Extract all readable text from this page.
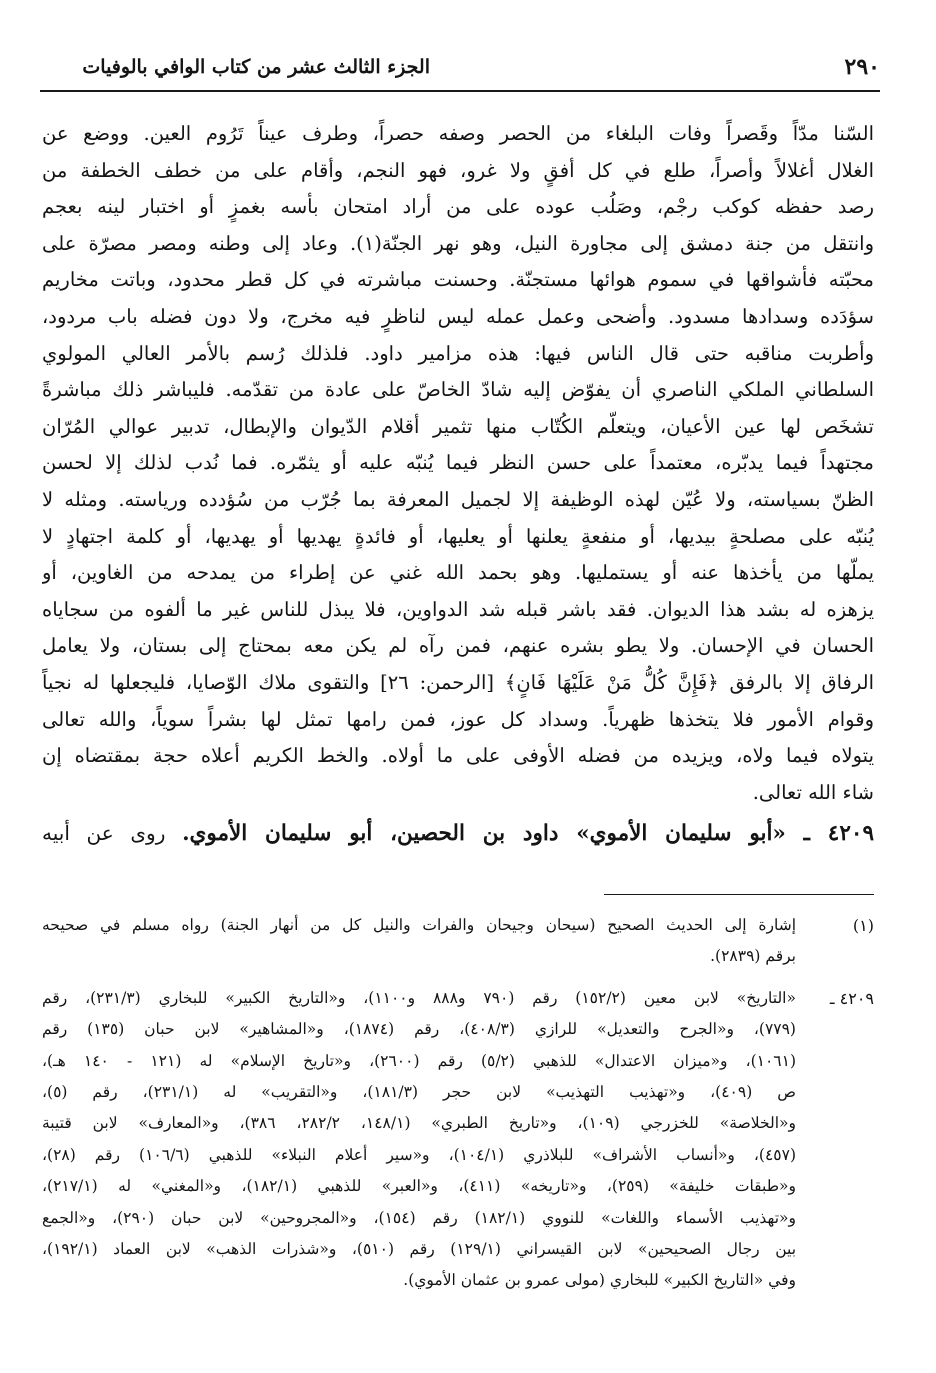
٢٩٠
الجزء الثالث عشر من كتاب الوافي بالوفيات
السّنا مدّاً وقَصراً وفات البلغاء من الحصر وصفه حصراً، وطرف عيناً تَرُوم العين. ووضع عن
الغلال أغلالاً وأصراً، طلع في كل أفقٍ ولا غرو، فهو النجم، وأقام على من خطف الخطفة من
رصد حفظه كوكب رجْم، وصَلُب عوده على من أراد امتحان بأسه بغمزٍ أو اختبار لينه بعجم
وانتقل من جنة دمشق إلى مجاورة النيل، وهو نهر الجنّة(١). وعاد إلى وطنه ومصر مصرّة على
محبّته فأشواقها في سموم هوائها مستجنّة. وحسنت مباشرته في كل قطر محدود، وباتت مخاريم
سؤدَده وسدادها مسدود. وأضحى وعمل عمله ليس لناظرٍ فيه مخرج، ولا دون فضله باب مردود،
وأطربت مناقبه حتى قال الناس فيها: هذه مزامير داود. فلذلك رُسم بالأمر العالي المولوي
السلطاني الملكي الناصري أن يفوّض إليه شادّ الخاصّ على عادة من تقدّمه. فليباشر ذلك مباشرةً
تشخَص لها عين الأعيان، ويتعلّم الكُتّاب منها تثمير أقلام الدّيوان والإبطال، تدبير عوالي المُرّان
مجتهداً فيما يدبّره، معتمداً على حسن النظر فيما يُنبّه عليه أو يثمّره. فما نُدب لذلك إلا لحسن
الظنّ بسياسته، ولا عُيّن لهذه الوظيفة إلا لجميل المعرفة بما جُرّب من سُؤدده ورياسته. ومثله لا
يُنبّه على مصلحةٍ بيديها، أو منفعةٍ يعلنها أو يعليها، أو فائدةٍ يهديها أو يهديها، أو كلمة اجتهادٍ لا
يملّها من يأخذها عنه أو يستمليها. وهو بحمد الله غني عن إطراء من يمدحه من الغاوين، أو
يزهزه له بشد هذا الديوان. فقد باشر قبله شد الدواوين، فلا يبذل للناس غير ما ألفوه من سجاياه
الحسان في الإحسان. ولا يطو بشره عنهم، فمن رآه لم يكن معه بمحتاج إلى بستان، ولا يعامل
الرفاق إلا بالرفق ﴿فَإِنَّ كُلُّ مَنْ عَلَيْهَا فَانٍ﴾ [الرحمن: ٢٦] والتقوى ملاك الوّصايا، فليجعلها له نجياً
وقوام الأمور فلا يتخذها ظهرياً. وسداد كل عوز، فمن رامها تمثل لها بشراً سوياً، والله تعالى
يتولاه فيما ولاه، ويزيده من فضله الأوفى على ما أولاه. والخط الكريم أعلاه حجة بمقتضاه إن
شاء الله تعالى.
٤٢٠٩ ـ «أبو سليمان الأموي» داود بن الحصين، أبو سليمان الأموي. روى عن أبيه
(١)
إشارة إلى الحديث الصحيح (سيحان وجيحان والفرات والنيل كل من أنهار الجنة) رواه مسلم في صحيحه
برقم (٢٨٣٩).
٤٢٠٩ ـ
«التاريخ» لابن معين (١٥٢/٢) رقم (٧٩٠ و٨٨٨ و١١٠٠)، و«التاريخ الكبير» للبخاري (٢٣١/٣)، رقم
(٧٧٩)، و«الجرح والتعديل» للرازي (٤٠٨/٣)، رقم (١٨٧٤)، و«المشاهير» لابن حبان (١٣٥) رقم
(١٠٦١)، و«ميزان الاعتدال» للذهبي (٥/٢) رقم (٢٦٠٠)، و«تاريخ الإسلام» له (١٢١ - ١٤٠ هـ)،
ص (٤٠٩)، و«تهذيب التهذيب» لابن حجر (١٨١/٣)، و«التقريب» له (٢٣١/١)، رقم (٥)،
و«الخلاصة» للخزرجي (١٠٩)، و«تاريخ الطبري» (١٤٨/١، ٢٨٢/٢، ٣٨٦)، و«المعارف» لابن قتيبة
(٤٥٧)، و«أنساب الأشراف» للبلاذري (١٠٤/١)، و«سير أعلام النبلاء» للذهبي (١٠٦/٦) رقم (٢٨)،
و«طبقات خليفة» (٢٥٩)، و«تاريخه» (٤١١)، و«العبر» للذهبي (١٨٢/١)، و«المغني» له (٢١٧/١)،
و«تهذيب الأسماء واللغات» للنووي (١٨٢/١) رقم (١٥٤)، و«المجروحين» لابن حبان (٢٩٠)، و«الجمع
بين رجال الصحيحين» لابن القيسراني (١٢٩/١) رقم (٥١٠)، و«شذرات الذهب» لابن العماد (١٩٢/١)،
وفي «التاريخ الكبير» للبخاري (مولى عمرو بن عثمان الأموي).
